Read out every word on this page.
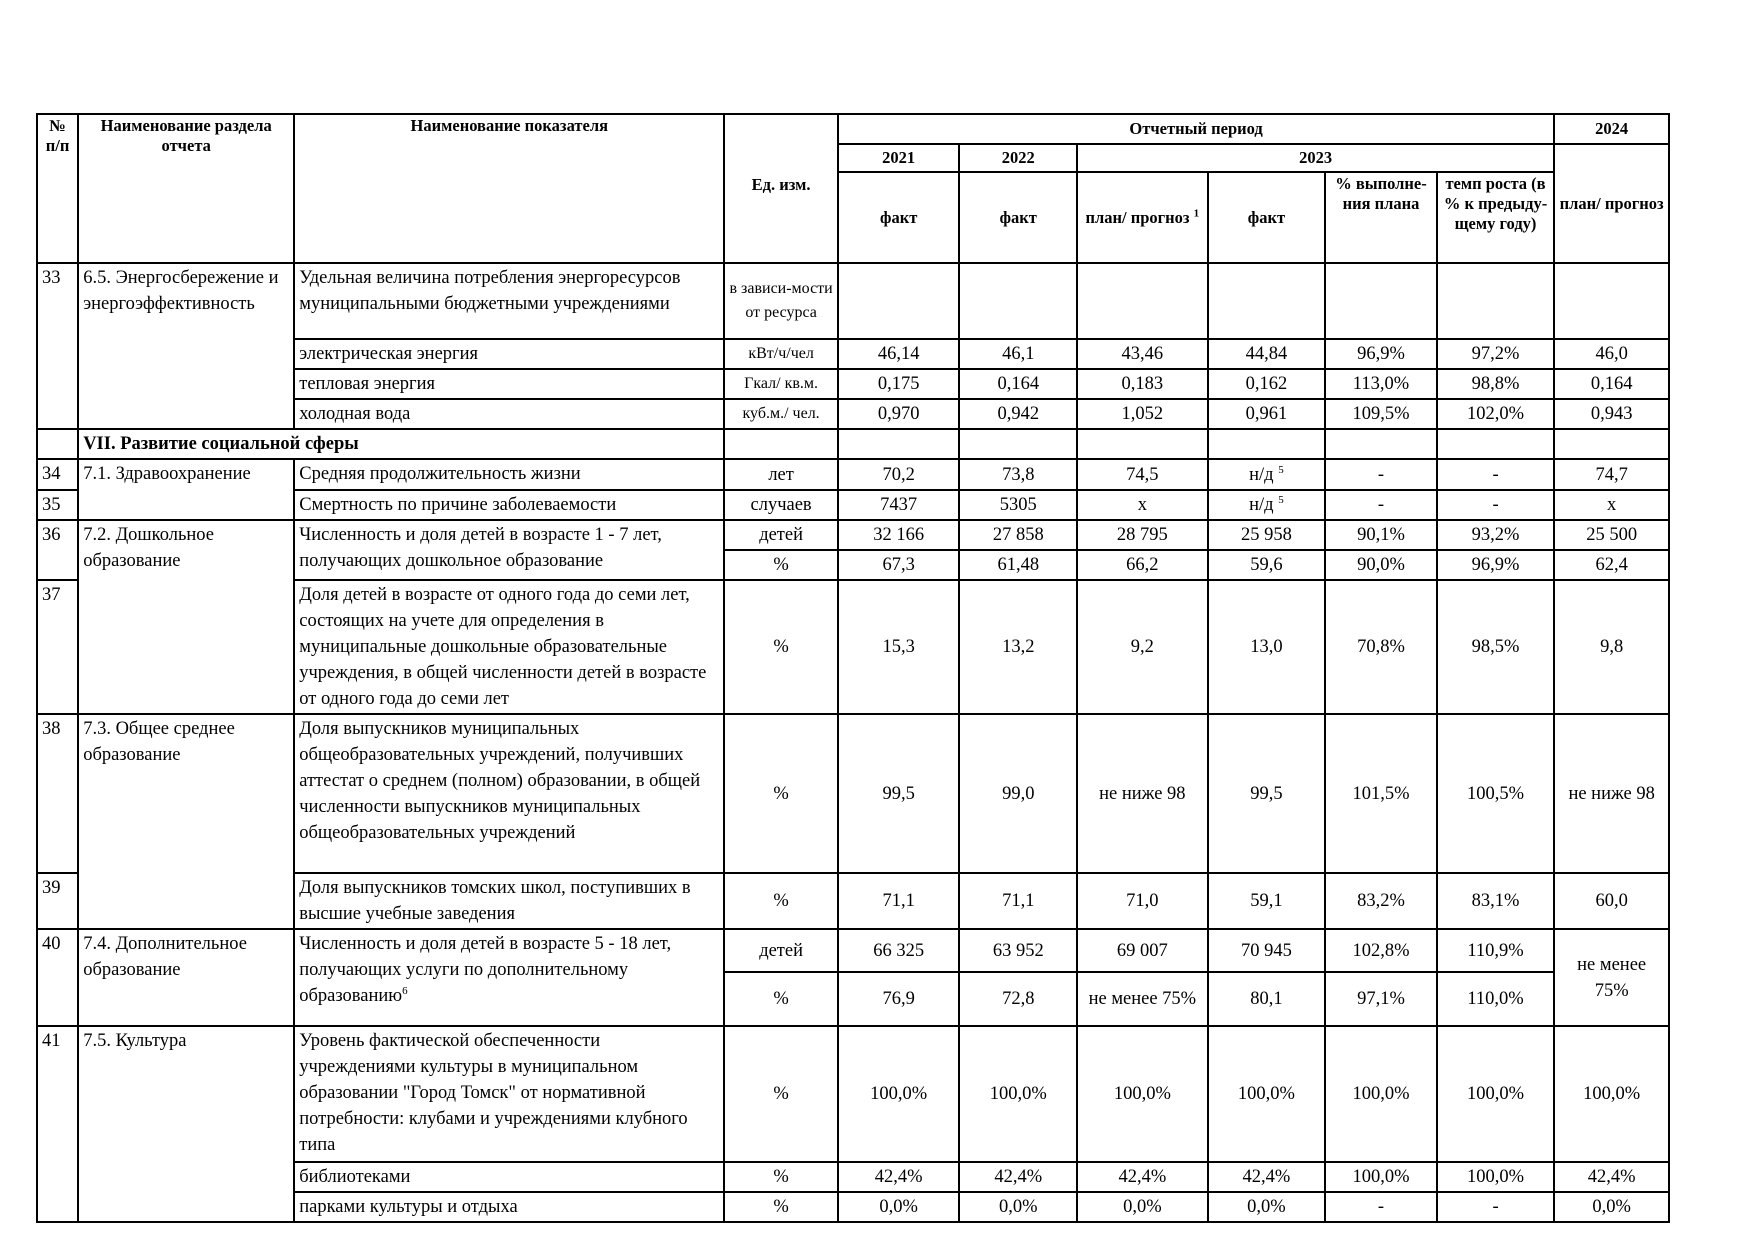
№
п/п	Наименование раздела отчета	Наименование показателя	Ед. изм.	Отчетный период						2024
				2021	2022	2023				план/ прогноз
				факт	факт	план/ прогноз $^1$	факт	% выполне-ния плана	темп роста (в % к предыду-щему году)	
33	6.5. Энергосбережение и энергоэффективность	Удельная величина потребления энергоресурсов муниципальными бюджетными учреждениями	в зависи-мости от ресурса							
		электрическая энергия	кВт/ч/чел	46,14	46,1	43,46	44,84	96,9%	97,2%	46,0
		тепловая энергия	Гкал/ кв.м.	0,175	0,164	0,183	0,162	113,0%	98,8%	0,164
		холодная вода	куб.м./ чел.	0,970	0,942	1,052	0,961	109,5%	102,0%	0,943
	VII. Развитие социальной сферы									
34	7.1. Здравоохранение	Средняя продолжительность жизни	лет	70,2	73,8	74,5	н/д $^5$	-	-	74,7
35		Смертность по причине заболеваемости	случаев	7437	5305	х	н/д $^5$	-	-	х
36	7.2. Дошкольное образование	Численность и доля детей в возрасте 1 - 7 лет, получающих дошкольное образование	детей	32 166	27 858	28 795	25 958	90,1%	93,2%	25 500
			%	67,3	61,48	66,2	59,6	90,0%	96,9%	62,4
37		Доля детей в возрасте от одного года до семи лет, состоящих на учете для определения в муниципальные дошкольные образовательные учреждения, в общей численности детей в возрасте от одного года до семи лет	%	15,3	13,2	9,2	13,0	70,8%	98,5%	9,8
38	7.3. Общее среднее образование	Доля выпускников муниципальных общеобразовательных учреждений, получивших аттестат о среднем (полном) образовании, в общей численности выпускников муниципальных общеобразовательных учреждений	%	99,5	99,0	не ниже 98	99,5	101,5%	100,5%	не ниже 98
39		Доля выпускников томских школ, поступивших в высшие учебные заведения	%	71,1	71,1	71,0	59,1	83,2%	83,1%	60,0
40	7.4. Дополнительное образование	Численность и доля детей в возрасте 5 - 18 лет, получающих услуги по дополнительному образованию$^6$	детей	66 325	63 952	69 007	70 945	102,8%	110,9%	не менее 75%
			%	76,9	72,8	не менее 75%	80,1	97,1%	110,0%	
41	7.5. Культура	Уровень фактической обеспеченности учреждениями культуры в муниципальном образовании "Город Томск" от нормативной потребности: клубами и учреждениями клубного типа	%	100,0%	100,0%	100,0%	100,0%	100,0%	100,0%	100,0%
		библиотеками	%	42,4%	42,4%	42,4%	42,4%	100,0%	100,0%	42,4%
		парками культуры и отдыха	%	0,0%	0,0%	0,0%	0,0%	-	-	0,0%
